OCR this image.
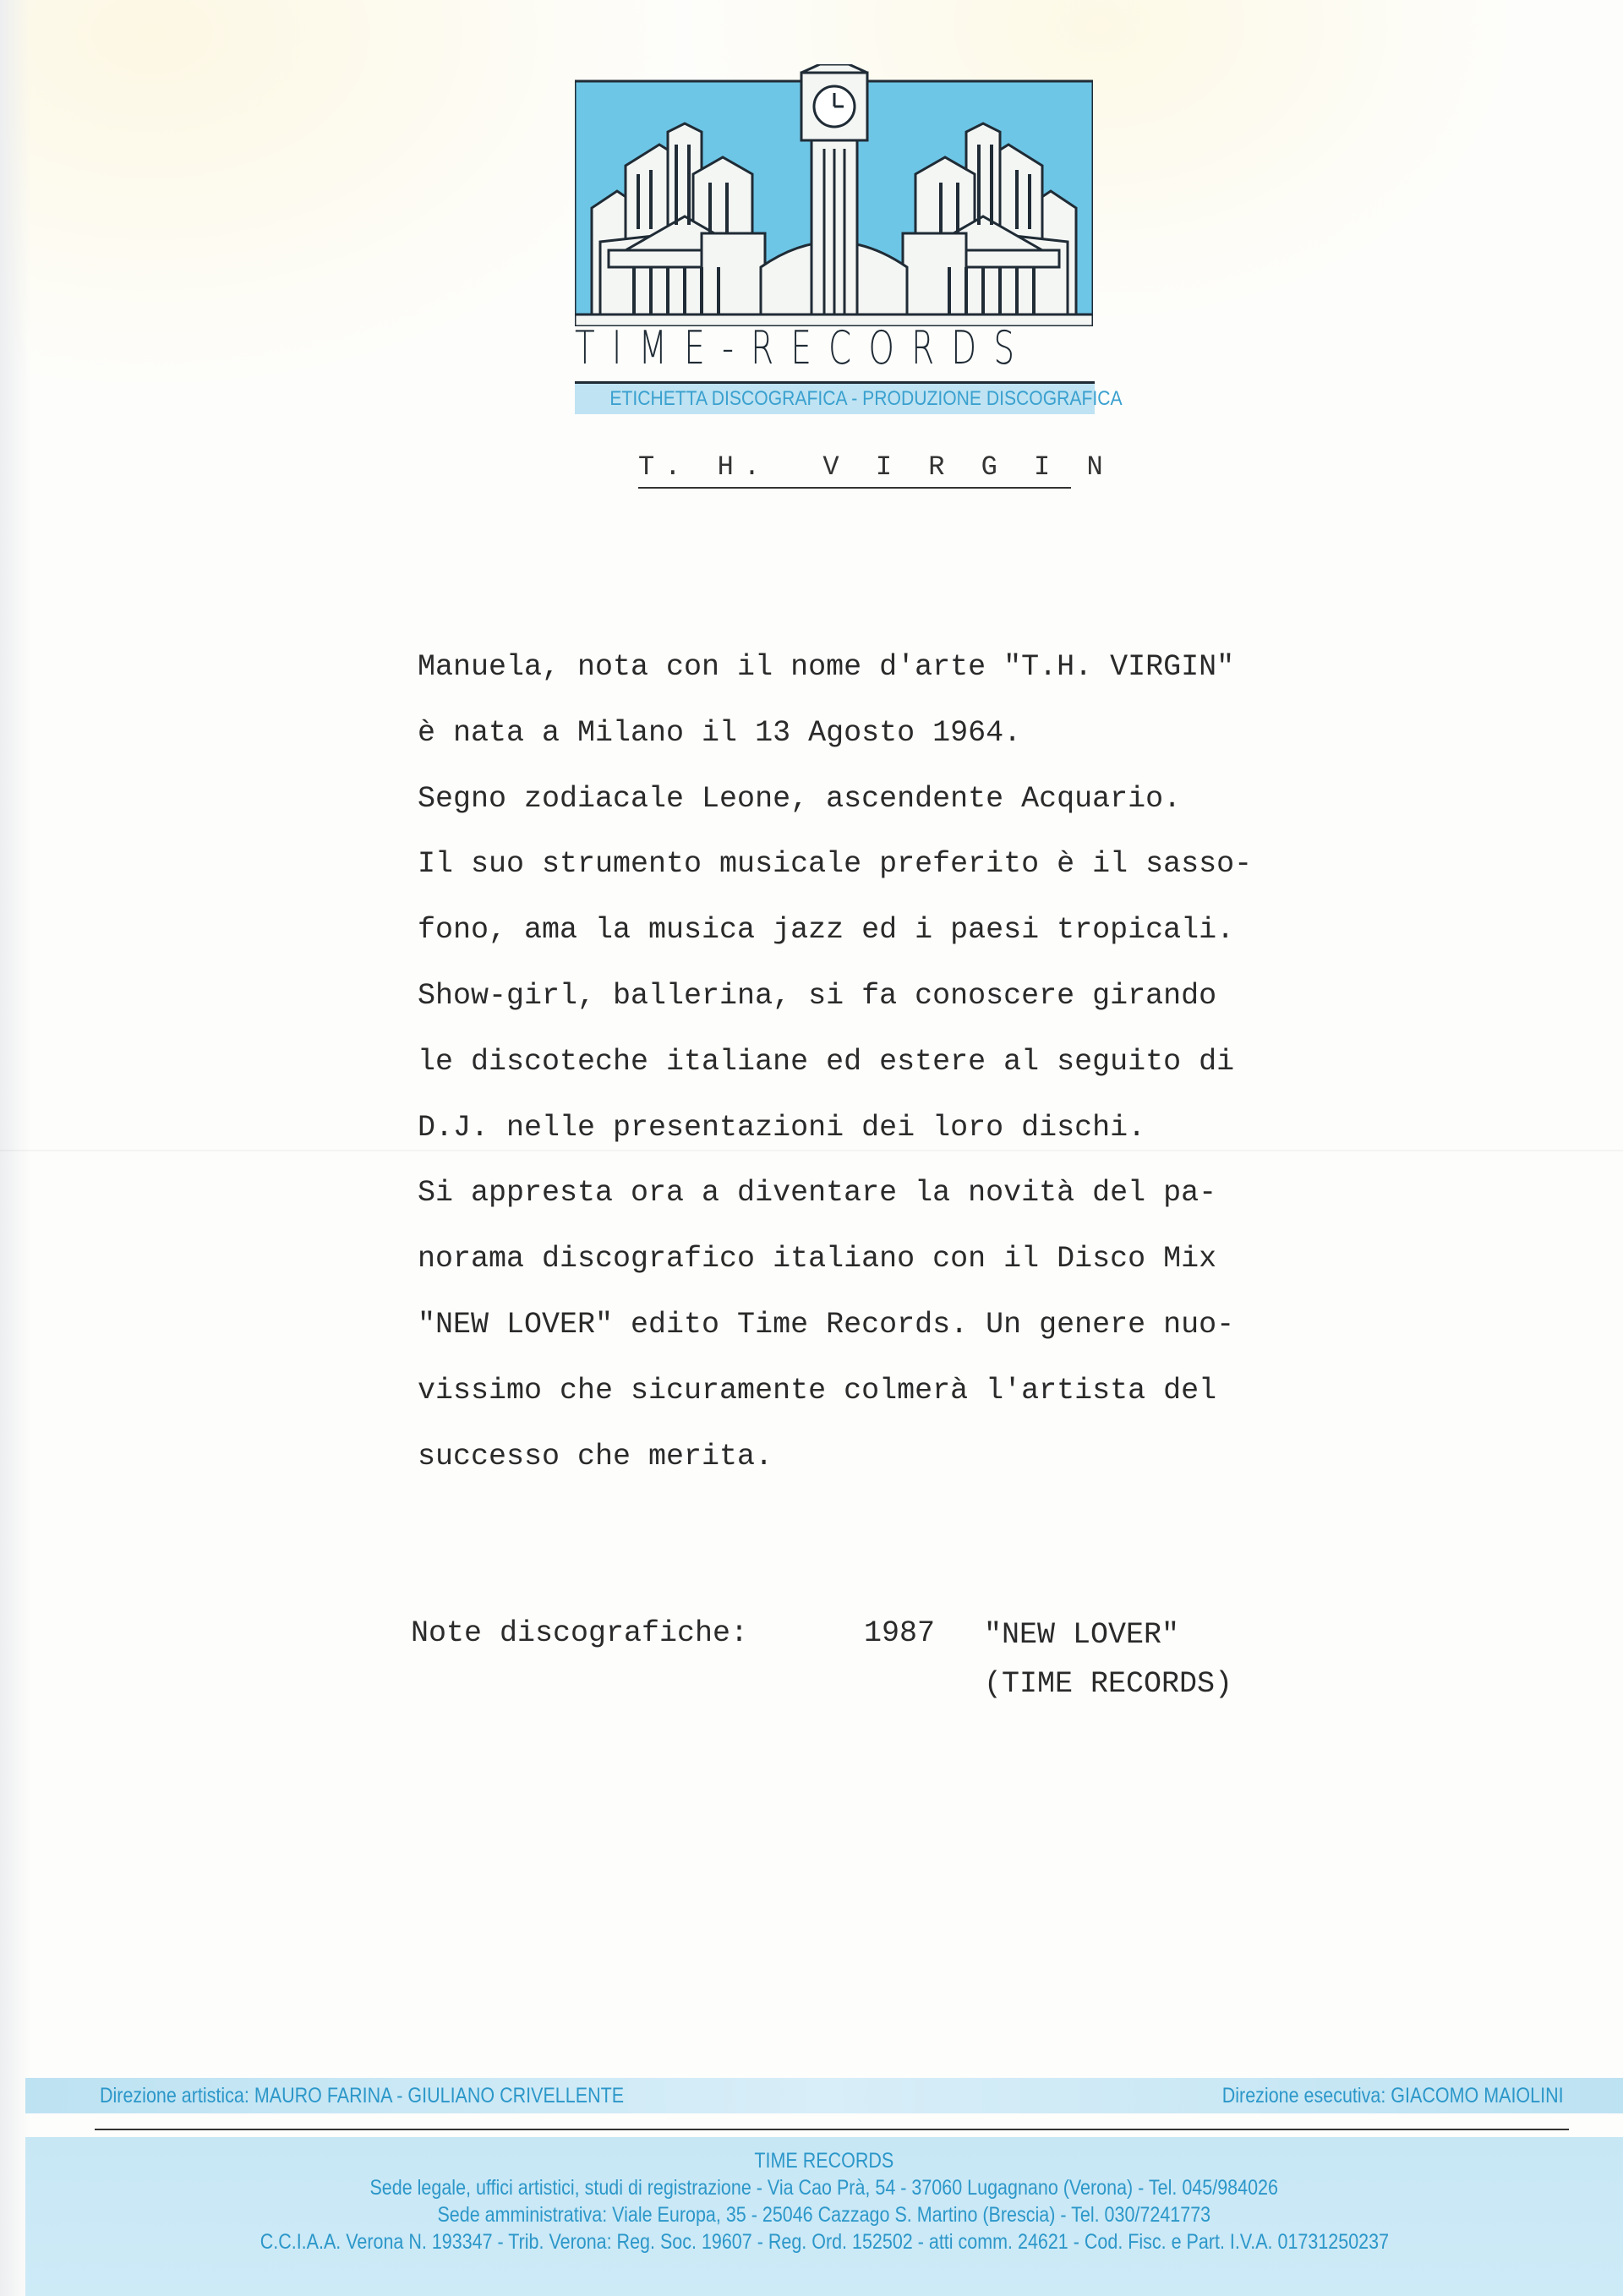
TIME-RECORDS
ETICHETTA DISCOGRAFICA - PRODUZIONE DISCOGRAFICA
T. H.  V I R G I N
Manuela, nota con il nome d'arte "T.H. VIRGIN"
è nata a Milano il 13 Agosto 1964.
Segno zodiacale Leone, ascendente Acquario.
Il suo strumento musicale preferito è il sasso-
fono, ama la musica jazz ed i paesi tropicali.
Show-girl, ballerina, si fa conoscere girando
le discoteche italiane ed estere al seguito di
D.J. nelle presentazioni dei loro dischi.
Si appresta ora a diventare la novità del pa-
norama discografico italiano con il Disco Mix
"NEW LOVER" edito Time Records. Un genere nuo-
vissimo che sicuramente colmerà l'artista del
successo che merita.
Note discografiche:	1987 "NEW LOVER"
(TIME RECORDS)
Direzione artistica: MAURO FARINA - GIULIANO CRIVELLENTE	Direzione esecutiva: GIACOMO MAIOLINI
TIME RECORDS
Sede legale, uffici artistici, studi di registrazione - Via Cao Prà, 54 - 37060 Lugagnano (Verona) - Tel. 045/984026
Sede amministrativa: Viale Europa, 35 - 25046 Cazzago S. Martino (Brescia) - Tel. 030/7241773
C.C.I.A.A. Verona N. 193347 - Trib. Verona: Reg. Soc. 19607 - Reg. Ord. 152502 - atti comm. 24621 - Cod. Fisc. e Part. I.V.A. 01731250237
